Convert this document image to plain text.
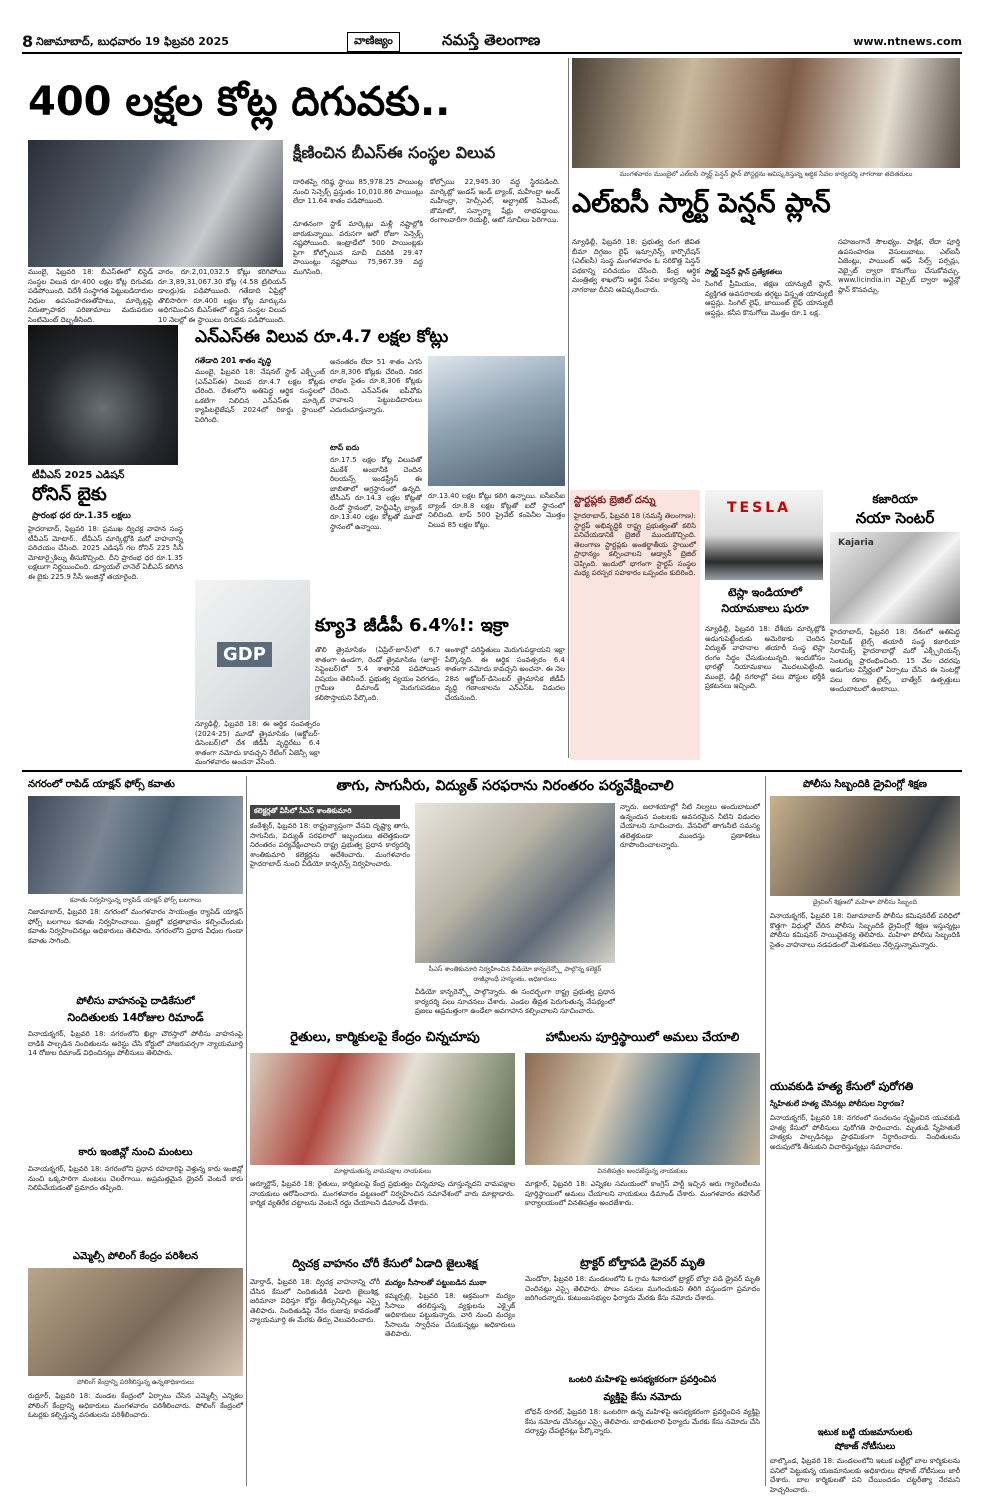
8 నిజామాబాద్, బుధవారం 19 ఫిబ్రవరి 2025	వాణిజ్యం	నమస్తే తెలంగాణ	www.ntnews.com
400 లక్షల కోట్ల దిగువకు..
క్షీణించిన బీఎస్ఈ సంస్థల విలువ
దారితప్పి గరిష్ఠ స్థాయి 85,978.25 పాయింట్ల నుంచి సెన్సెక్స్ ప్రస్తుతం 10,010.86 పాయింట్లు లేదా 11.64 శాతం పడిపోయింది.
నూతనంగా స్టాక్ మార్కెట్లు మళ్లీ నష్టాల్లోకి జారుకున్నాయి. వరుసగా ఆరో రోజూ సెన్సెక్స్ నష్టపోయింది. ఇంట్రాడేలో 500 పాయింట్లకు పైగా కోల్పోయిన సూచీ చివరికి 29.47 పాయింట్లు నష్టపోయి 75,967.39 వద్ద ముగిసింది.
కోల్పోయి 22,945.30 వద్ద స్థిరపడింది. మార్కెట్లో ఇండస్ ఇండ్ బ్యాంక్, మహీంద్రా అండ్ మహీంద్రా, హెచ్సీఎల్, అల్ట్రాటెక్ సిమెంట్, జొమాటో, సన్ఫార్మా షేర్లు లాభపడ్డాయి. రంగాలవారీగా రియల్టీ, ఆటో సూచీలు పెరిగాయి.
ముంబై, ఫిబ్రవరి 18: బీఎస్ఈలో లిస్టెడ్ సంస్థల విలువ రూ.400 లక్షల కోట్ల దిగువకు పడిపోయింది. విదేశీ సంస్థాగత పెట్టుబడిదారుల నిధుల ఉపసంహరణతోపాటు, మార్కెట్లపై నిరుత్సాహకర పరిణామాలు మదుపరుల సెంటిమెంట్ దెబ్బతీసింది.
వారం రూ.2,01,032.5 కోట్లు కరిగిపోయి రూ.3,89,31,067.30 కోట్ల (4.58 ట్రిలియన్ డాలర్లు)కు పడిపోయింది. గతేడాది ఏప్రిల్లో తొలిసారిగా రూ.400 లక్షల కోట్ల మార్కును అధిగమించిన బీఎస్ఈలో లిస్టైన సంస్థల విలువ 10 నెలల్లో ఈ స్థాయిలు దిగువకు పడిపోయింది.
మంగళవారం ముంబైలో ఎల్ఐసీ స్మార్ట్ పెన్షన్ ప్లాన్ పోస్టర్లను ఆవిష్కరిస్తున్న ఆర్థిక సేవల కార్యదర్శి నాగరాజు తదితరులు
ఎల్ఐసీ స్మార్ట్ పెన్షన్ ప్లాన్
న్యూఢిల్లీ, ఫిబ్రవరి 18: ప్రభుత్వ రంగ జీవిత బీమా దిగ్గజం లైఫ్ ఇన్సూరెన్స్ కార్పొరేషన్ (ఎల్ఐసీ) సంస్థ మంగళవారం ఓ సరికొత్త పెన్షన్ పథకాన్ని పరిచయం చేసింది. కేంద్ర ఆర్థిక మంత్రిత్వ శాఖలోని ఆర్థిక సేవల కార్యదర్శి ఎం నాగరాజు దీనిని ఆవిష్కరించారు.
స్మార్ట్ పెన్షన్ ప్లాన్ ప్రత్యేకతలు
సింగిల్ ప్రీమియం, తక్షణ యాన్యుటీ ప్లాన్. వ్యక్తిగత అవసరాలకు తగ్గట్టు విస్తృత యాన్యుటీ ఆప్షన్లు. సింగిల్ లైఫ్, జాయింట్ లైఫ్ యాన్యుటీ ఆప్షన్లు. కనీస కొనుగోలు మొత్తం రూ.1 లక్ష.
సహజంగానే సౌలభ్యం. పాక్షిక, లేదా పూర్తి ఉపసంహరణ వెసులుబాటు. ఎల్ఐసీ ఏజెంట్లు, పాయింట్ ఆఫ్ సేల్స్ పర్సన్లు, వెబ్సైట్ ద్వారా కొనుగోలు చేసుకోవచ్చు. www.licindia.in వెబ్సైట్ ద్వారా ఆన్లైన్లో ప్లాన్ కొనవచ్చు.
టీవీఎస్ 2025 ఎడిషన్
రోనిన్ బైకు
ప్రారంభ ధర రూ.1.35 లక్షలు
హైదరాబాద్, ఫిబ్రవరి 18: ప్రముఖ ద్విచక్ర వాహన సంస్థ టీవీఎస్ మోటార్.. టీవీఎస్ మార్కెట్లోకి మరో వాహనాన్ని పరిచయం చేసింది. 2025 ఎడిషన్ గల రోనిన్ 225 సీసీ మోటార్సైకిల్ను తీసుకొచ్చింది. దీని ప్రారంభ ధర రూ.1.35 లక్షలుగా నిర్ణయించింది. డ్యూయల్ చానెల్ ఏబీఎస్ కలిగిన ఈ బైకు 225.9 సీసీ ఇంజిన్తో తయారైంది.
ఎన్ఎస్ఈ విలువ రూ.4.7 లక్షల కోట్లు
గతేడాది 201 శాతం వృద్ధి
ముంబై, ఫిబ్రవరి 18: నేషనల్ స్టాక్ ఎక్స్ఛేంజ్ (ఎన్ఎస్ఈ) విలువ రూ.4.7 లక్షల కోట్లకు చేరింది. దేశంలోని అతిపెద్ద ఆర్థిక సంస్థలలో ఒకటిగా నిలిచిన ఎన్ఎస్ఈ మార్కెట్ క్యాపిటలైజేషన్ 2024లో రికార్డు స్థాయిలో పెరిగింది.
అనంతరం లేదా 51 శాతం ఎగసి రూ.8,306 కోట్లకు చేరింది. నికర లాభం సైతం రూ.8,306 కోట్లకు చేరింది. ఎన్ఎస్ఈ ఐపీవోకు రావాలని పెట్టుబడిదారులు ఎదురుచూస్తున్నారు.
టాప్ ఐదు
రూ.17.5 లక్షల కోట్ల విలువతో ముకేశ్ అంబానీకి చెందిన రిలయన్స్ ఇండస్ట్రీస్ ఈ జాబితాలో అగ్రస్థానంలో ఉన్నది. టీసీఎస్ రూ.14.3 లక్షల కోట్లతో రెండో స్థానంలో, హెచ్డీఎఫ్సీ బ్యాంక్ రూ.13.40 లక్షల కోట్లతో మూడో స్థానంలో ఉన్నాయి.
రూ.13.40 లక్షల కోట్లు కలిగి ఉన్నాయి. ఐసీఐసీఐ బ్యాంక్ రూ.8.8 లక్షల కోట్లతో ఐదో స్థానంలో నిలిచింది. టాప్ 500 ప్రైవేట్ కంపెనీల మొత్తం విలువ 85 లక్షల కోట్లు.
GDP
క్యూ3 జీడీపీ 6.4%!: ఇక్రా
న్యూఢిల్లీ, ఫిబ్రవరి 18: ఈ ఆర్థిక సంవత్సరం (2024-25) మూడో త్రైమాసికం (అక్టోబర్-డిసెంబర్)లో దేశ జీడీపీ వృద్ధిరేటు 6.4 శాతంగా నమోదు కావచ్చని రేటింగ్ ఏజెన్సీ ఇక్రా మంగళవారం అంచనా వేసింది.
తొలి త్రైమాసికం (ఏప్రిల్-జూన్)లో 6.7 శాతంగా ఉండగా, రెండో త్రైమాసికం (జూలై-సెప్టెంబర్)లో 5.4 శాతానికి పడిపోయిన విషయం తెలిసిందే. ప్రభుత్వ వ్యయం పెరగడం, గ్రామీణ డిమాండ్ మెరుగుపడటం కలిసొస్తాయని పేర్కొంది.
అంశాల్లో పరిస్థితులు మెరుగుపడ్డాయని ఇక్రా పేర్కొన్నది. ఈ ఆర్థిక సంవత్సరం 6.4 శాతంగా నమోదు కావచ్చని అంచనా. ఈ నెల 28న అక్టోబర్-డిసెంబర్ త్రైమాసిక జీడీపీ వృద్ధి గణాంకాలను ఎన్ఎస్ఓ విడుదల చేయనుంది.
స్టార్టప్లకు బ్రెజిల్ దన్ను
హైదరాబాద్, ఫిబ్రవరి 18 (నమస్తే తెలంగాణ): స్టార్టప్ అభివృద్ధికి రాష్ట్ర ప్రభుత్వంతో కలిసి పనిచేయడానికి బ్రెజిల్ ముందుకొచ్చింది. తెలంగాణ స్టార్టప్లకు అంతర్జాతీయ స్థాయిలో ప్రాధాన్యం కల్పించాలని ఆడ్వాన్ బ్రెజిల్ చెప్పింది. ఇందులో భాగంగా స్టార్టప్ సంస్థల మధ్య పరస్పర సహకారం ఒప్పందం కుదిరింది.
TESLA
టెస్లా ఇండియాలో నియామకాలు షురూ
న్యూఢిల్లీ, ఫిబ్రవరి 18: దేశీయ మార్కెట్లోకి అడుగుపెట్టేందుకు అమెరికాకు చెందిన విద్యుత్ వాహనాల తయారీ సంస్థ టెస్లా రంగం సిద్ధం చేసుకుంటున్నది. ఇందుకోసం భారత్లో నియామకాలు మొదలుపెట్టింది. ముంబై, ఢిల్లీ నగరాల్లో పలు పోస్టుల భర్తీకి ప్రకటనలు ఇచ్చింది.
కజారియా
నయా సెంటర్
Kajaria
హైదరాబాద్, ఫిబ్రవరి 18: దేశంలో అతిపెద్ద సిరామిక్ టైల్స్ తయారీ సంస్థ కజారియా సిరామిక్స్ హైదరాబాద్లో మరో ఎక్స్పీరియన్స్ సెంటర్ను ప్రారంభించింది. 15 వేల చదరపు అడుగుల విస్తీర్ణంలో ఏర్పాటు చేసిన ఈ సెంటర్లో పలు రకాల టైల్స్, బాత్వేర్ ఉత్పత్తులు అందుబాటులో ఉంటాయి.
నగరంలో రాపిడ్ యాక్షన్ ఫోర్స్ కవాతు
కవాతు నిర్వహిస్తున్న ర్యాపిడ్ యాక్షన్ ఫోర్స్ బలగాలు
నిజామాబాద్, ఫిబ్రవరి 18: నగరంలో మంగళవారం సాయంత్రం ర్యాపిడ్ యాక్షన్ ఫోర్స్ బలగాలు కవాతు నిర్వహించాయి. ప్రజల్లో భద్రతాభావం కల్పించేందుకు కవాతు నిర్వహించినట్లు అధికారులు తెలిపారు. నగరంలోని ప్రధాన వీధుల గుండా కవాతు సాగింది.
పోలీసు వాహనంపై దాడికేసులో
నిందితులకు 14రోజుల రిమాండ్
వినాయక్నగర్, ఫిబ్రవరి 18: నగరంలోని ఖిల్లా చౌరస్తాలో పోలీసు వాహనంపై దాడికి పాల్పడిన నిందితులను అరెస్టు చేసి కోర్టులో హాజరుపర్చగా న్యాయమూర్తి 14 రోజుల రిమాండ్ విధించినట్లు పోలీసులు తెలిపారు.
కారు ఇంజిన్లో నుంచి మంటలు
వినాయక్నగర్, ఫిబ్రవరి 18: నగరంలోని ప్రధాన రహదారిపై వెళ్తున్న కారు ఇంజిన్లో నుంచి ఒక్కసారిగా మంటలు చెలరేగాయి. అప్రమత్తమైన డ్రైవర్ వెంటనే కారు నిలిపివేయడంతో ప్రమాదం తప్పింది.
ఎమ్మెల్సీ పోలింగ్ కేంద్రం పరిశీలన
పోలింగ్ కేంద్రాన్ని పరిశీలిస్తున్న ఉన్నతాధికారులు
రుద్రూర్, ఫిబ్రవరి 18: మండల కేంద్రంలో ఏర్పాటు చేసిన ఎమ్మెల్సీ ఎన్నికల పోలింగ్ కేంద్రాన్ని అధికారులు మంగళవారం పరిశీలించారు. పోలింగ్ కేంద్రంలో ఓటర్లకు కల్పిస్తున్న వసతులను పరిశీలించారు.
తాగు, సాగునీరు, విద్యుత్ సరఫరాను నిరంతరం పర్యవేక్షించాలి
కలెక్టర్లతో వీసీలో సీఎస్ శాంతికుమారి
కంఠేశ్వర్, ఫిబ్రవరి 18: రాష్ట్రవ్యాప్తంగా వేసవి దృష్ట్యా తాగు, సాగునీరు, విద్యుత్ సరఫరాలో ఇబ్బందులు తలెత్తకుండా నిరంతరం పర్యవేక్షించాలని రాష్ట్ర ప్రభుత్వ ప్రధాన కార్యదర్శి శాంతికుమారి కలెక్టర్లను ఆదేశించారు. మంగళవారం హైదరాబాద్ నుంచి వీడియో కాన్ఫరెన్స్ నిర్వహించారు.
సీఎస్ శాంతికుమారి నిర్వహించిన వీడియో కాన్ఫరెన్స్లో పాల్గొన్న కలెక్టర్ రాజీవ్గాంధీ హన్మంతు, అధికారులు
న్నారు. జలాశయాల్లో నీటి నిల్వలు అందుబాటులో ఉన్నందున పంటలకు అవసరమైన నీటిని విడుదల చేయాలని సూచించారు. వేసవిలో తాగునీటి సమస్య తలెత్తకుండా ముందస్తు ప్రణాళికలు రూపొందించాలన్నారు.
వీడియో కాన్ఫరెన్స్లో పాల్గొన్నారు. ఈ సందర్భంగా రాష్ట్ర ప్రభుత్వ ప్రధాన కార్యదర్శి పలు సూచనలు చేశారు. ఎండల తీవ్రత పెరుగుతున్న నేపథ్యంలో ప్రజలు అప్రమత్తంగా ఉండేలా అవగాహన కల్పించాలని సూచించారు.
పోలీసు సిబ్బందికి డ్రైవింగ్లో శిక్షణ
డ్రైవింగ్ శిక్షణలో మహిళా పోలీసు సిబ్బంది
వినాయక్నగర్, ఫిబ్రవరి 18: నిజామాబాద్ పోలీసు కమిషనరేట్ పరిధిలో కొత్తగా విధుల్లో చేరిన పోలీసు సిబ్బందికి డ్రైవింగ్లో శిక్షణ ఇస్తున్నట్లు పోలీసు కమిషనర్ సాయిచైతన్య తెలిపారు. మహిళా పోలీసు సిబ్బందికి సైతం వాహనాలు నడపడంలో మెళకువలు నేర్పిస్తున్నామన్నారు.
రైతులు, కార్మికులపై కేంద్రం చిన్నచూపు
మాట్లాడుతున్న వామపక్షాల నాయకులు
ఆర్మూర్టౌన్, ఫిబ్రవరి 18: రైతులు, కార్మికులపై కేంద్ర ప్రభుత్వం చిన్నచూపు చూస్తున్నదని వామపక్షాల నాయకులు ఆరోపించారు. మంగళవారం పట్టణంలో నిర్వహించిన సమావేశంలో వారు మాట్లాడారు. కార్మిక వ్యతిరేక చట్టాలను వెంటనే రద్దు చేయాలని డిమాండ్ చేశారు.
ద్విచక్ర వాహనం చోరీ కేసులో ఏడాది జైలుశిక్ష
మోర్తాడ్, ఫిబ్రవరి 18: ద్విచక్ర వాహనాన్ని చోరీ చేసిన కేసులో నిందితుడికి ఏడాది జైలుశిక్ష, జరిమానా విధిస్తూ కోర్టు తీర్పునిచ్చినట్లు ఎస్సై తెలిపారు. నిందితుడిపై నేరం రుజువు కావడంతో న్యాయమూర్తి ఈ మేరకు తీర్పు వెలువరించారు.
మద్యం సీసాలతో పట్టుబడిన ముఠా
కమ్మర్పల్లి, ఫిబ్రవరి 18: అక్రమంగా మద్యం సీసాలు తరలిస్తున్న వ్యక్తులను ఎక్సైజ్ అధికారులు పట్టుకున్నారు. వారి నుంచి మద్యం సీసాలను స్వాధీనం చేసుకున్నట్లు అధికారులు తెలిపారు.
హామీలను పూర్తిస్థాయిలో అమలు చేయాలి
వినతిపత్రం అందజేస్తున్న నాయకులు
మాక్లూర్, ఫిబ్రవరి 18: ఎన్నికల సమయంలో కాంగ్రెస్ పార్టీ ఇచ్చిన ఆరు గ్యారెంటీలను పూర్తిస్థాయిలో అమలు చేయాలని నాయకులు డిమాండ్ చేశారు. మంగళవారం తహసీల్ కార్యాలయంలో వినతిపత్రం అందజేశారు.
ట్రాక్టర్ బోల్తాపడి డ్రైవర్ మృతి
మెండోరా, ఫిబ్రవరి 18: మండలంలోని ఓ గ్రామ శివారులో ట్రాక్టర్ బోల్తా పడి డ్రైవర్ మృతి చెందినట్లు ఎస్సై తెలిపారు. పొలం పనులు ముగించుకుని తిరిగి వస్తుండగా ప్రమాదం జరిగిందన్నారు. కుటుంబసభ్యుల ఫిర్యాదు మేరకు కేసు నమోదు చేశారు.
ఒంటరి మహిళపై అసభ్యకరంగా ప్రవర్తించిన
వ్యక్తిపై కేసు నమోదు
బోధన్ రూరల్, ఫిబ్రవరి 18: ఒంటరిగా ఉన్న మహిళపై అసభ్యకరంగా ప్రవర్తించిన వ్యక్తిపై కేసు నమోదు చేసినట్లు ఎస్సై తెలిపారు. బాధితురాలి ఫిర్యాదు మేరకు కేసు నమోదు చేసి దర్యాప్తు చేపట్టినట్లు పేర్కొన్నారు.
యువకుడి హత్య కేసులో పురోగతి
స్నేహితులే హత్య చేసినట్లు పోలీసుల నిర్ధారణ?
వినాయక్నగర్, ఫిబ్రవరి 18: నగరంలో సంచలనం సృష్టించిన యువకుడి హత్య కేసులో పోలీసులు పురోగతి సాధించారు. మృతుడి స్నేహితులే హత్యకు పాల్పడినట్లు ప్రాథమికంగా నిర్ధారించారు. నిందితులను అదుపులోకి తీసుకుని విచారిస్తున్నట్లు సమాచారం.
ఇటుక బట్టి యజమానులకు
షోకాజ్ నోటీసులు
బాల్కొండ, ఫిబ్రవరి 18: మండలంలోని ఇటుక బట్టీల్లో బాల కార్మికులను పనిలో పెట్టుకున్న యజమానులకు అధికారులు షోకాజ్ నోటీసులు జారీ చేశారు. బాల కార్మికులతో పని చేయించడం చట్టరీత్యా నేరమని హెచ్చరించారు.
